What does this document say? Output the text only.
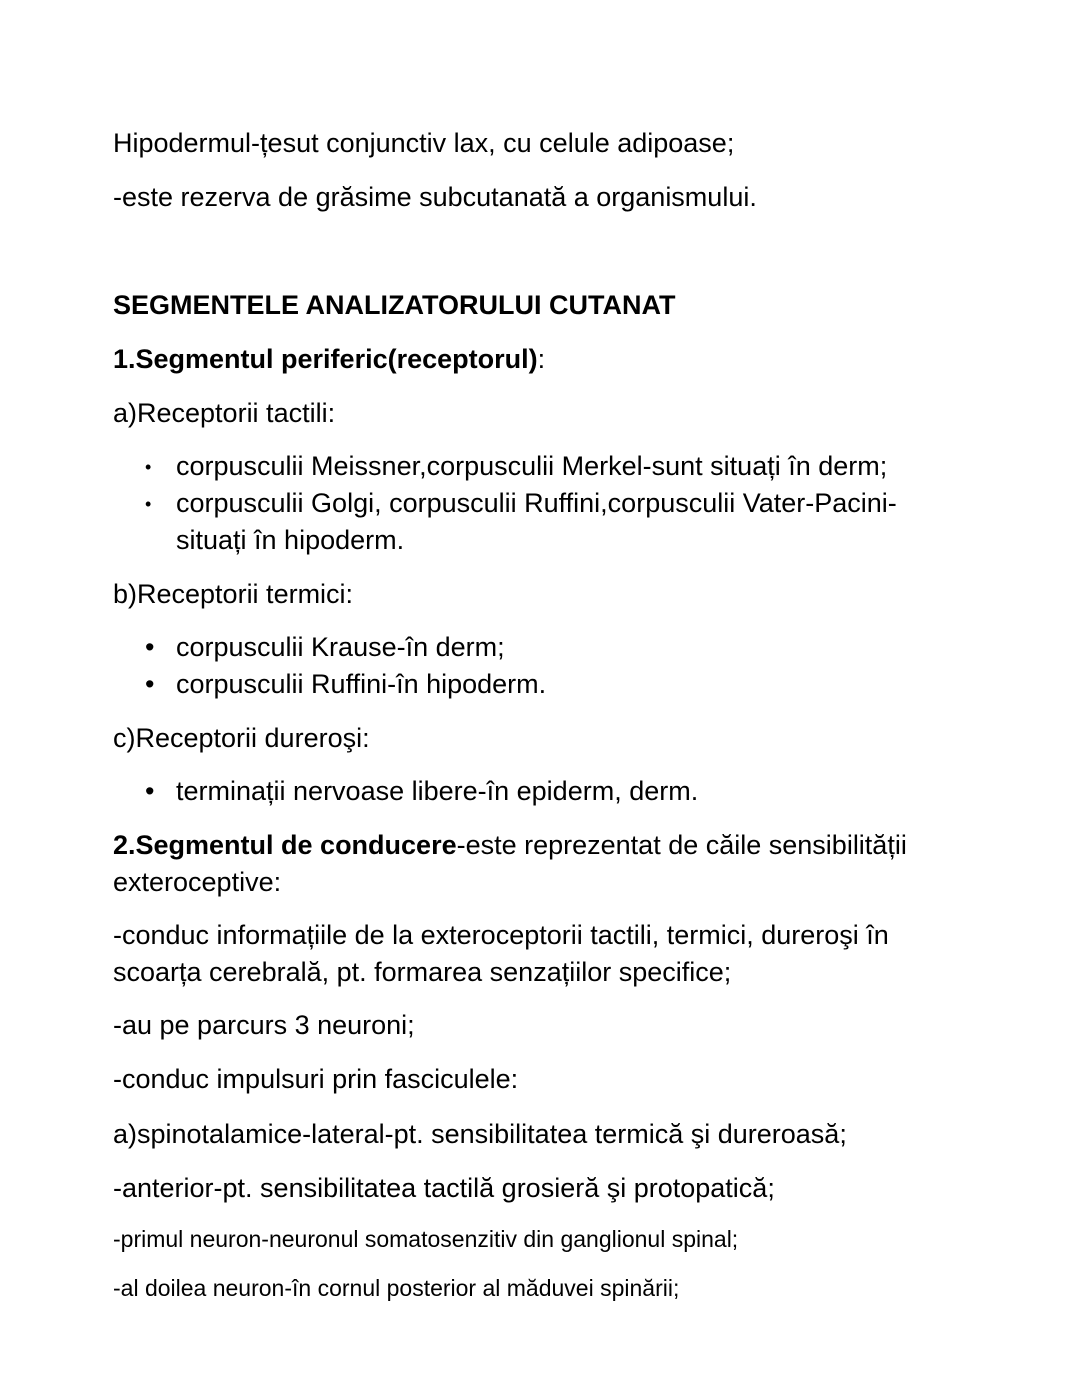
Hipodermul-țesut conjunctiv lax, cu celule adipoase;
-este rezerva de grăsime subcutanată a organismului.
SEGMENTELE ANALIZATORULUI CUTANAT
1.Segmentul periferic(receptorul):
a)Receptorii tactili:
• corpusculii Meissner,corpusculii Merkel-sunt situați în derm;
• corpusculii Golgi, corpusculii Ruffini,corpusculii Vater-Pacini-
situați în hipoderm.
b)Receptorii termici:
• corpusculii Krause-în derm;
• corpusculii Ruffini-în hipoderm.
c)Receptorii dureroşi:
• terminații nervoase libere-în epiderm, derm.
2.Segmentul de conducere-este reprezentat de căile sensibilității
exteroceptive:
-conduc informațiile de la exteroceptorii tactili, termici, dureroşi în
scoarța cerebrală, pt. formarea senzațiilor specifice;
-au pe parcurs 3 neuroni;
-conduc impulsuri prin fasciculele:
a)spinotalamice-lateral-pt. sensibilitatea termică şi dureroasă;
-anterior-pt. sensibilitatea tactilă grosieră şi protopatică;
-primul neuron-neuronul somatosenzitiv din ganglionul spinal;
-al doilea neuron-în cornul posterior al măduvei spinării;
